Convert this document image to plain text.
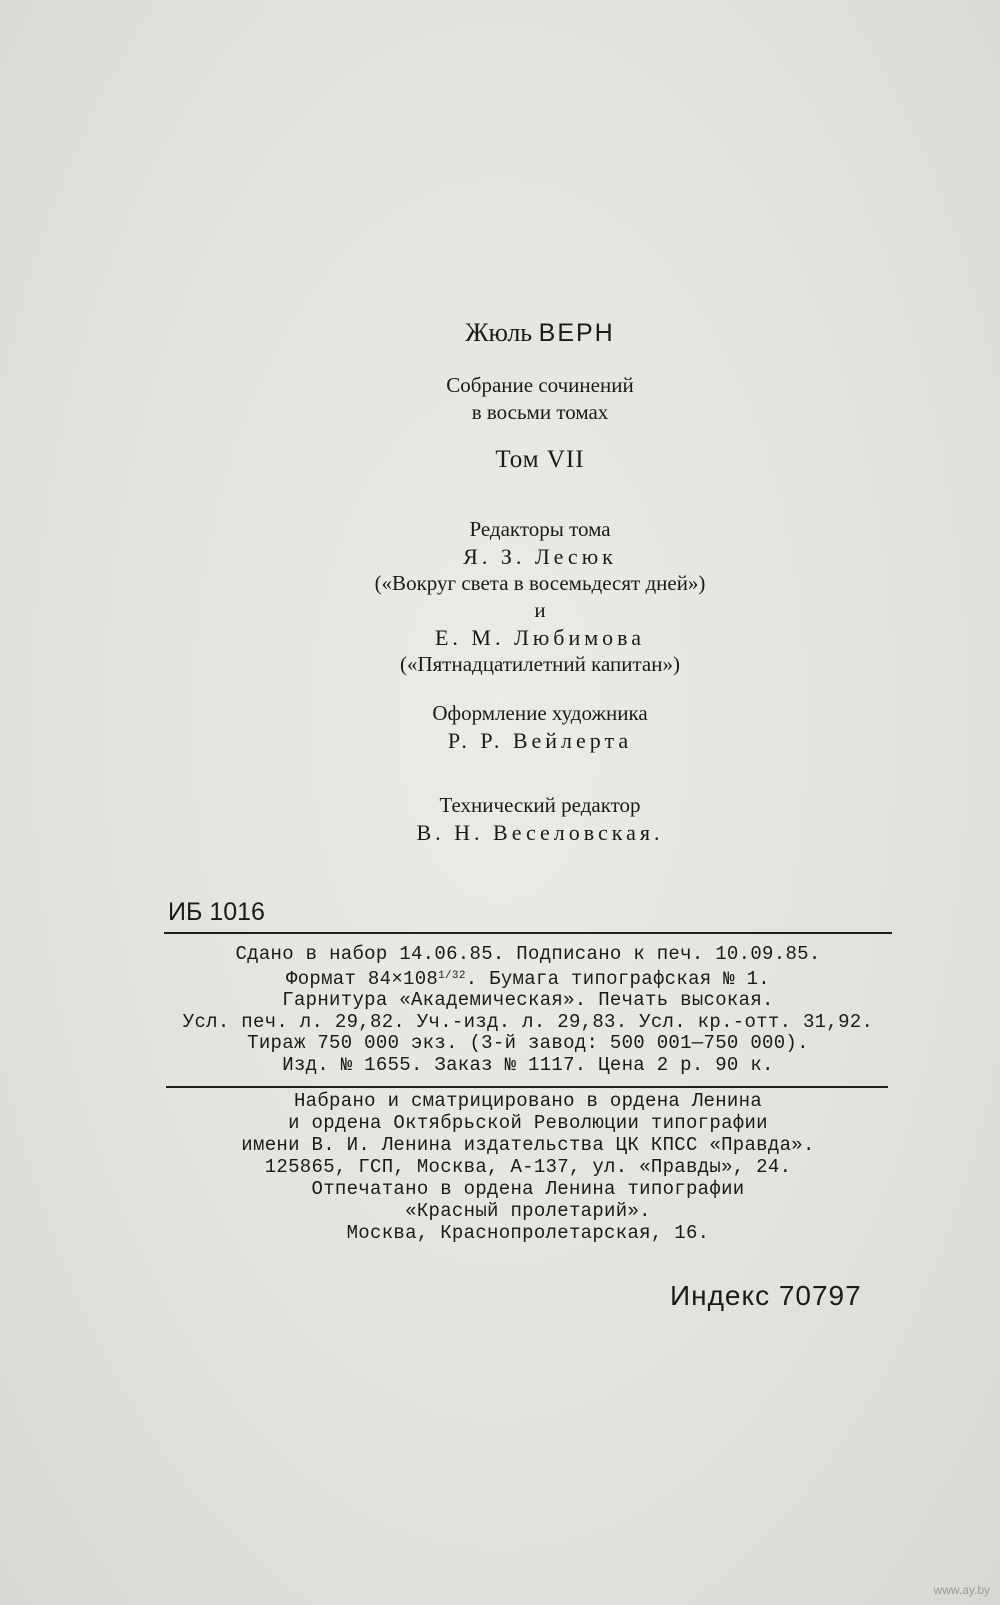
Жюль ВЕРН
Собрание сочинений
в восьми томах
Том VII
Редакторы тома
Я. З. Лесюк
(«Вокруг света в восемьдесят дней»)
и
Е. М. Любимова
(«Пятнадцатилетний капитан»)
Оформление художника
Р. Р. Вейлерта
Технический редактор
В. Н. Веселовская.
ИБ 1016
Сдано в набор 14.06.85. Подписано к печ. 10.09.85.
Формат $84\times 108^{1/32}$. Бумага типографская № 1.
Гарнитура «Академическая». Печать высокая.
Усл. печ. л. 29,82. Уч.-изд. л. 29,83. Усл. кр.-отт. 31,92.
Тираж 750 000 экз. (3-й завод: 500 001—750 000).
Изд. № 1655. Заказ № 1117. Цена 2 р. 90 к.
Набрано и сматрицировано в ордена Ленина
и ордена Октябрьской Революции типографии
имени В. И. Ленина издательства ЦК КПСС «Правда».
125865, ГСП, Москва, А-137, ул. «Правды», 24.
Отпечатано в ордена Ленина типографии
«Красный пролетарий».
Москва, Краснопролетарская, 16.
Индекс 70797
www.ay.by
